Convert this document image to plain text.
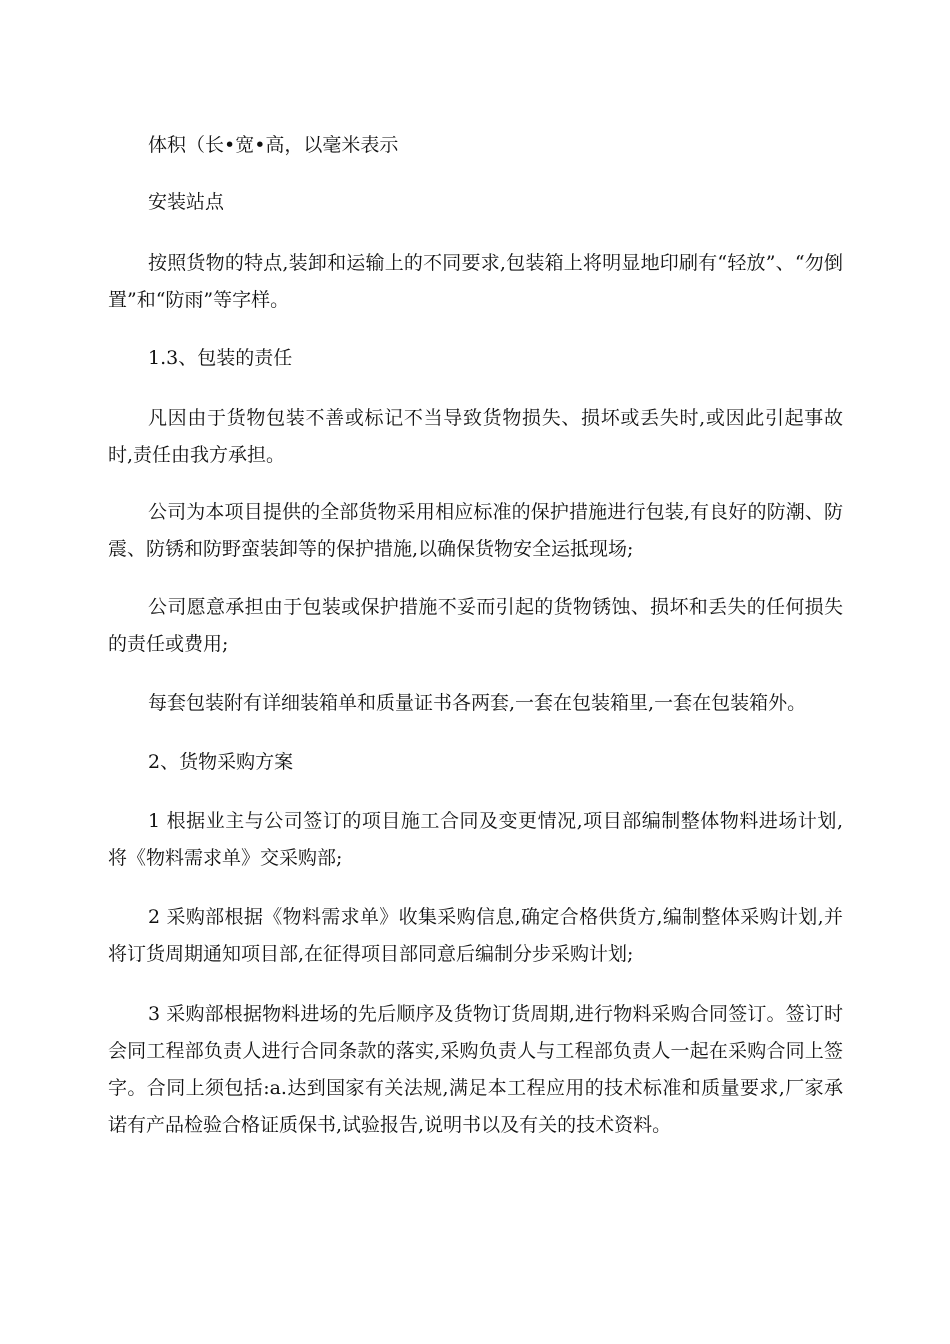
体积（长•宽•高，以毫米表示

安装站点

按照货物的特点,装卸和运输上的不同要求,包装箱上将明显地印刷有“轻放”、“勿倒置”和“防雨”等字样。

1.3、包装的责任

凡因由于货物包装不善或标记不当导致货物损失、损坏或丢失时,或因此引起事故时,责任由我方承担。

公司为本项目提供的全部货物采用相应标准的保护措施进行包装,有良好的防潮、防震、防锈和防野蛮装卸等的保护措施,以确保货物安全运抵现场;

公司愿意承担由于包装或保护措施不妥而引起的货物锈蚀、损坏和丢失的任何损失的责任或费用;

每套包装附有详细装箱单和质量证书各两套,一套在包装箱里,一套在包装箱外。

2、货物采购方案

1 根据业主与公司签订的项目施工合同及变更情况,项目部编制整体物料进场计划,将《物料需求单》交采购部;

2 采购部根据《物料需求单》收集采购信息,确定合格供货方,编制整体采购计划,并将订货周期通知项目部,在征得项目部同意后编制分步采购计划;

3 采购部根据物料进场的先后顺序及货物订货周期,进行物料采购合同签订。签订时会同工程部负责人进行合同条款的落实,采购负责人与工程部负责人一起在采购合同上签字。合同上须包括:a.达到国家有关法规,满足本工程应用的技术标准和质量要求,厂家承诺有产品检验合格证质保书,试验报告,说明书以及有关的技术资料。
